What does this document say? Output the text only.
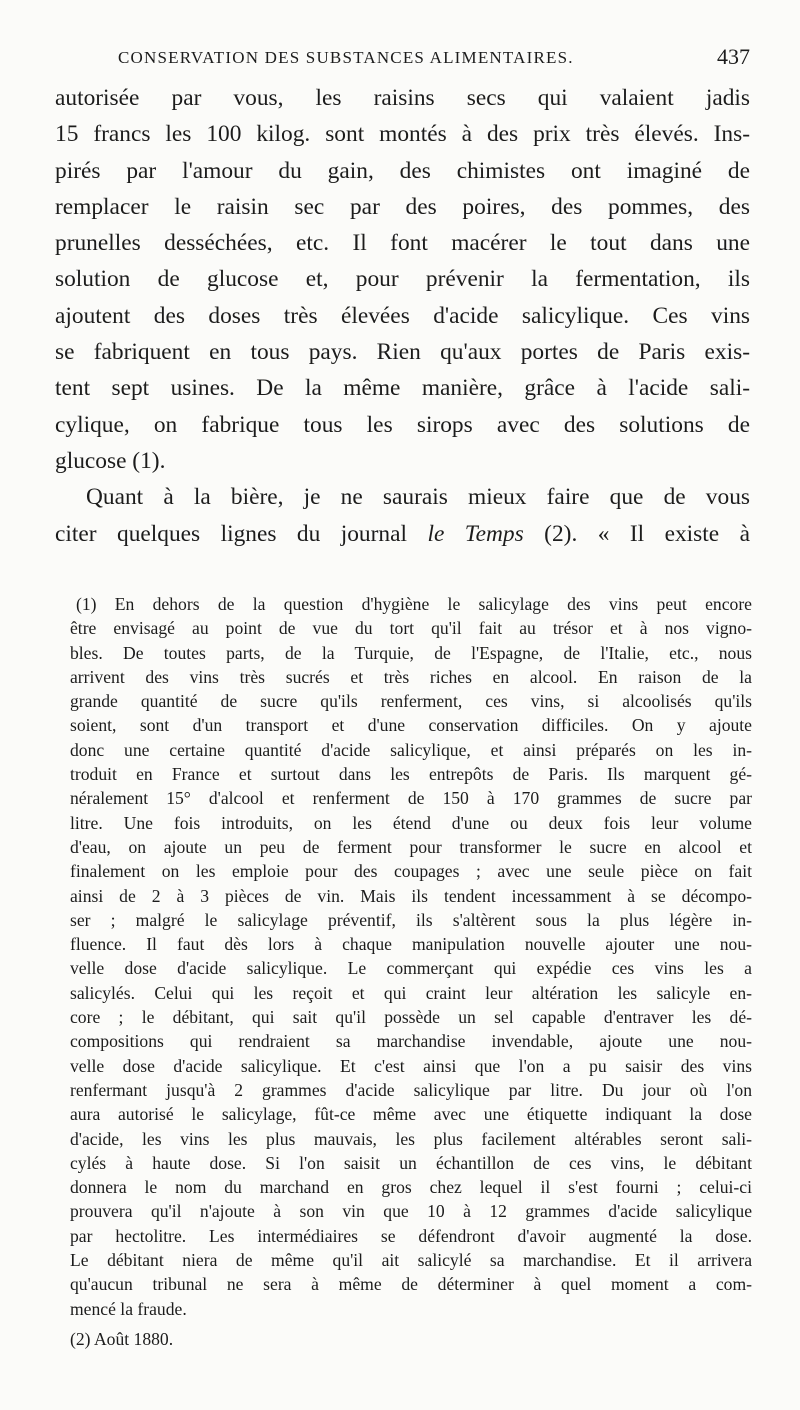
CONSERVATION DES SUBSTANCES ALIMENTAIRES.	437
autorisée par vous, les raisins secs qui valaient jadis
15 francs les 100 kilog. sont montés à des prix très élevés. Ins-
pirés par l'amour du gain, des chimistes ont imaginé de
remplacer le raisin sec par des poires, des pommes, des
prunelles desséchées, etc. Il font macérer le tout dans une
solution de glucose et, pour prévenir la fermentation, ils
ajoutent des doses très élevées d'acide salicylique. Ces vins
se fabriquent en tous pays. Rien qu'aux portes de Paris exis-
tent sept usines. De la même manière, grâce à l'acide sali-
cylique, on fabrique tous les sirops avec des solutions de
glucose (1).
Quant à la bière, je ne saurais mieux faire que de vous
citer quelques lignes du journal le Temps (2). « Il existe à
(1) En dehors de la question d'hygiène le salicylage des vins peut encore
être envisagé au point de vue du tort qu'il fait au trésor et à nos vigno-
bles. De toutes parts, de la Turquie, de l'Espagne, de l'Italie, etc., nous
arrivent des vins très sucrés et très riches en alcool. En raison de la
grande quantité de sucre qu'ils renferment, ces vins, si alcoolisés qu'ils
soient, sont d'un transport et d'une conservation difficiles. On y ajoute
donc une certaine quantité d'acide salicylique, et ainsi préparés on les in-
troduit en France et surtout dans les entrepôts de Paris. Ils marquent gé-
néralement 15° d'alcool et renferment de 150 à 170 grammes de sucre par
litre. Une fois introduits, on les étend d'une ou deux fois leur volume
d'eau, on ajoute un peu de ferment pour transformer le sucre en alcool et
finalement on les emploie pour des coupages ; avec une seule pièce on fait
ainsi de 2 à 3 pièces de vin. Mais ils tendent incessamment à se décompo-
ser ; malgré le salicylage préventif, ils s'altèrent sous la plus légère in-
fluence. Il faut dès lors à chaque manipulation nouvelle ajouter une nou-
velle dose d'acide salicylique. Le commerçant qui expédie ces vins les a
salicylés. Celui qui les reçoit et qui craint leur altération les salicyle en-
core ; le débitant, qui sait qu'il possède un sel capable d'entraver les dé-
compositions qui rendraient sa marchandise invendable, ajoute une nou-
velle dose d'acide salicylique. Et c'est ainsi que l'on a pu saisir des vins
renfermant jusqu'à 2 grammes d'acide salicylique par litre. Du jour où l'on
aura autorisé le salicylage, fût-ce même avec une étiquette indiquant la dose
d'acide, les vins les plus mauvais, les plus facilement altérables seront sali-
cylés à haute dose. Si l'on saisit un échantillon de ces vins, le débitant
donnera le nom du marchand en gros chez lequel il s'est fourni ; celui-ci
prouvera qu'il n'ajoute à son vin que 10 à 12 grammes d'acide salicylique
par hectolitre. Les intermédiaires se défendront d'avoir augmenté la dose.
Le débitant niera de même qu'il ait salicylé sa marchandise. Et il arrivera
qu'aucun tribunal ne sera à même de déterminer à quel moment a com-
mencé la fraude.
(2) Août 1880.
